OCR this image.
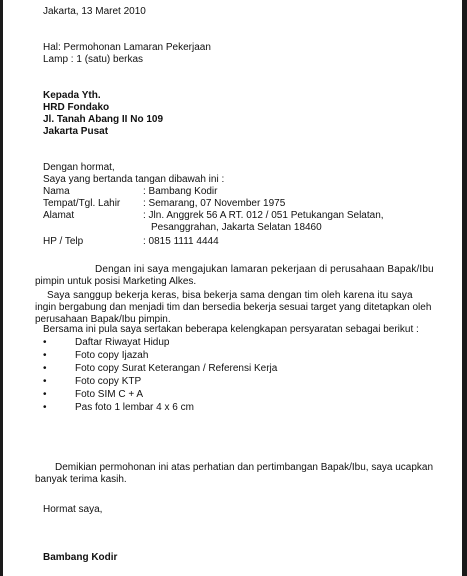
Jakarta, 13 Maret 2010
Hal: Permohonan Lamaran Pekerjaan
Lamp : 1 (satu) berkas
Kepada Yth.
HRD Fondako
Jl. Tanah Abang II No 109
Jakarta Pusat
Dengan hormat,
Saya yang bertanda tangan dibawah ini :
Nama	: Bambang Kodir
Tempat/Tgl. Lahir	: Semarang, 07 November 1975
Alamat	: Jln. Anggrek 56 A RT. 012 / 051 Petukangan Selatan,
Pesanggrahan, Jakarta Selatan 18460
HP / Telp	: 0815 1111 4444
Dengan ini saya mengajukan lamaran pekerjaan di perusahaan Bapak/Ibu
pimpin untuk posisi Marketing Alkes.
Saya sanggup bekerja keras, bisa bekerja sama dengan tim oleh karena itu saya
ingin bergabung dan menjadi tim dan bersedia bekerja sesuai target yang ditetapkan oleh
perusahaan Bapak/Ibu pimpin.
Bersama ini pula saya sertakan beberapa kelengkapan persyaratan sebagai berikut :
•	Daftar Riwayat Hidup
•	Foto copy Ijazah
•	Foto copy Surat Keterangan / Referensi Kerja
•	Foto copy KTP
•	Foto SIM C + A
•	Pas foto 1 lembar 4 x 6 cm
Demikian permohonan ini atas perhatian dan pertimbangan Bapak/Ibu, saya ucapkan
banyak terima kasih.
Hormat saya,
Bambang Kodir
